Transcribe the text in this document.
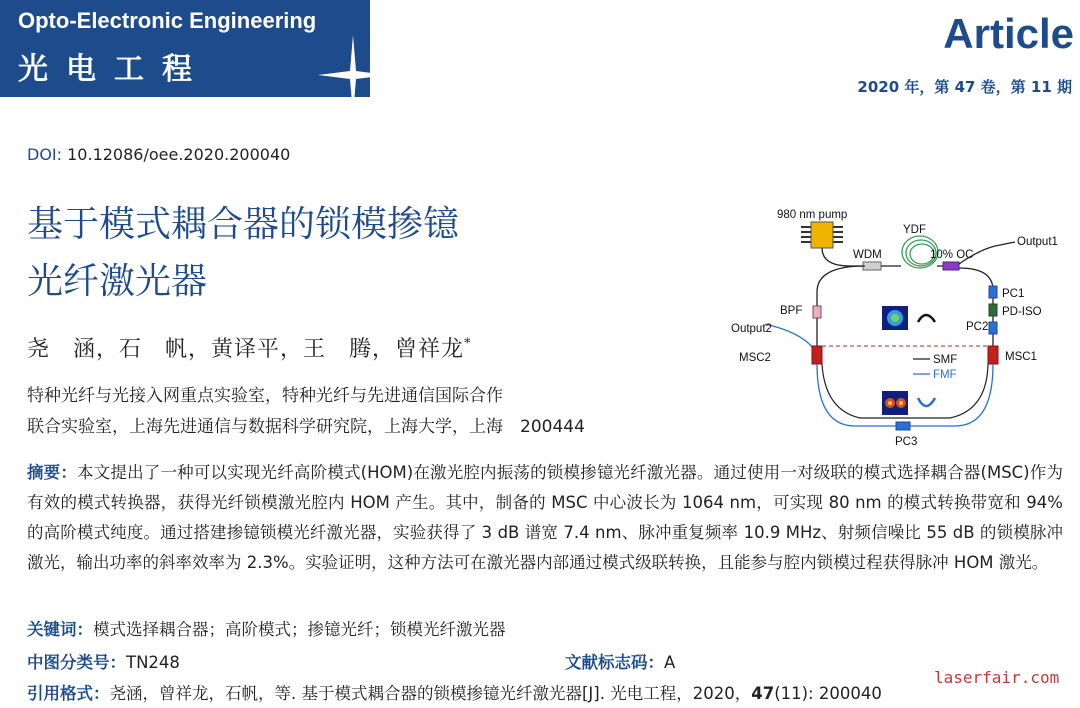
Opto-Electronic Engineering
光电工程
Article
2020 年，第 47 卷，第 11 期
DOI: 10.12086/oee.2020.200040
基于模式耦合器的锁模掺镱
光纤激光器
尧　涵，石　帆，黄译平，王　腾，曾祥龙*
特种光纤与光接入网重点实验室，特种光纤与先进通信国际合作
联合实验室，上海先进通信与数据科学研究院，上海大学，上海　200444
980 nm pump
WDM
YDF
10% OC
Output1
PC1
PD-ISO
PC2
MSC1
BPF
Output2
MSC2
PC3
SMF
FMF
摘要：本文提出了一种可以实现光纤高阶模式(HOM)在激光腔内振荡的锁模掺镱光纤激光器。通过使用一对级联的模式选择耦合器(MSC)作为有效的模式转换器，获得光纤锁模激光腔内 HOM 产生。其中，制备的 MSC 中心波长为 1064 nm，可实现 80 nm 的模式转换带宽和 94%的高阶模式纯度。通过搭建掺镱锁模光纤激光器，实验获得了 3 dB 谱宽 7.4 nm、脉冲重复频率 10.9 MHz、射频信噪比 55 dB 的锁模脉冲激光，输出功率的斜率效率为 2.3%。实验证明，这种方法可在激光器内部通过模式级联转换，且能参与腔内锁模过程获得脉冲 HOM 激光。
关键词：模式选择耦合器；高阶模式；掺镱光纤；锁模光纤激光器
中图分类号：TN248	文献标志码：A
引用格式：尧涵，曾祥龙，石帆，等. 基于模式耦合器的锁模掺镱光纤激光器[J]. 光电工程，2020，47(11): 200040
laserfair.com
